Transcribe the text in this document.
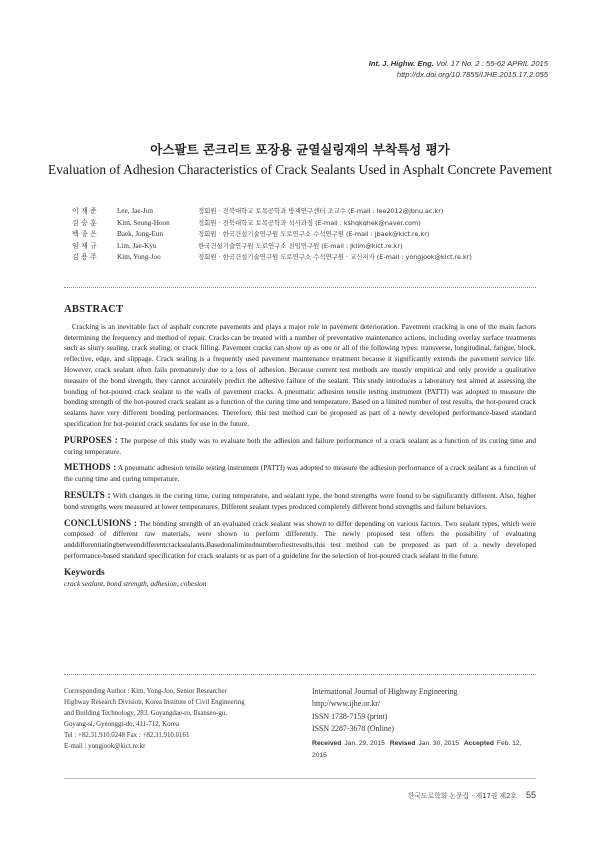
Int. J. Highw. Eng. Vol. 17 No. 2 : 55-62 APRIL 2015
http://dx.doi.org/10.7855/IJHE.2015.17.2.055
아스팔트 콘크리트 포장용 균열실링재의 부착특성 평가
Evaluation of Adhesion Characteristics of Crack Sealants Used in Asphalt Concrete Pavement
이 재 준	Lee, Jae-Jun	정회원 · 전북대학교 토목공학과 방재연구센터 조교수 (E-mail : lee2012@jbnu.ac.kr)
김 승 훈	Kim, Seung-Hoon	정회원 · 전북대학교 토목공학과 석사과정 (E-mail : kshqkqhek@naver.com)
백 종 은	Baek, Jong-Eun	정회원 · 한국건설기술연구원 도로연구소 수석연구원 (E-mail : jbaek@kict.re.kr)
임 재 규	Lim, Jae-Kyu	한국건설기술연구원 도로연구소 전임연구원 (E-mail : jklim@kict.re.kr)
김 용 주	Kim, Yong-Joo	정회원 · 한국건설기술연구원 도로연구소 수석연구원 · 교신저자 (E-mail : yongjook@kict.re.kr)
ABSTRACT
Cracking is an inevitable fact of asphalt concrete pavements and plays a major role in pavement deterioration. Pavement cracking is one of the main factors determining the frequency and method of repair. Cracks can be treated with a number of preventative maintenance actions, including overlay surface treatments such as slurry sealing, crack sealing, or crack filling. Pavement cracks can show up as one or all of the following types: transverse, longitudinal, fatigue, block, reflective, edge, and slippage. Crack sealing is a frequently used pavement maintenance treatment because it significantly extends the pavement service life. However, crack sealant often fails prematurely due to a loss of adhesion. Because current test methods are mostly empirical and only provide a qualitative measure of the bond strength, they cannot accurately predict the adhesive failure of the sealant. This study introduces a laboratory test aimed at assessing the bonding of hot-poured crack sealant to the walls of pavement cracks. A pneumatic adhesion tensile testing instrument (PATTI) was adopted to measure the bonding strength of the hot-poured crack sealant as a function of the curing time and temperature. Based on a limited number of test results, the hot-poured crack sealants have very different bonding performances. Therefore, this test method can be proposed as part of a newly developed performance-based standard specification for hot-poured crack sealants for use in the future.
PURPOSES : The purpose of this study was to evaluate both the adhesion and failure performance of a crack sealant as a function of its curing time and curing temperature.
METHODS : A pneumatic adhesion tensile testing instrument (PATTI) was adopted to measure the adhesion performance of a crack sealant as a function of the curing time and curing temperature.
RESULTS : With changes in the curing time, curing temperature, and sealant type, the bond strengths were found to be significantly different. Also, higher bond strengths were measured at lower temperatures. Different sealant types produced completely different bond strengths and failure behaviors.
CONCLUSIONS : The bonding strength of an evaluated crack sealant was shown to differ depending on various factors. Two sealant types, which were composed of different raw materials, were shown to perform differently. The newly proposed test offers the possibility of evaluating anddifferentiatingbetweendifferentcracksealants.Basedonalimitednumberoftestresults,this test method can be proposed as part of a newly developed performance-based standard specification for crack sealants or as part of a guideline for the selection of hot-poured crack sealant in the future.
Keywords
crack sealant, bond strength, adhesion, cohesion
Corresponding Author : Kim, Yong-Joo, Senior Researcher
Highway Research Division, Korea Institute of Civil Engineering
and Building Technology, 283, Goyangdae-ro, Ilsanseo-gu,
Goyang-si, Gyeonggi-do, 411-712, Korea
Tel : +82.31.910.0248 Fax : +82.31.910.0161
E-mail : yongjook@kict.re.kr
International Journal of Highway Engineering
http://www.ijhe.or.kr/
ISSN 1738-7159 (print)
ISSN 2287-3678 (Online)
Received Jan. 29, 2015 Revised Jan. 30, 2015 Accepted Feb. 12, 2015
한국도로학회 논문집 · 제17권 제2호 55
